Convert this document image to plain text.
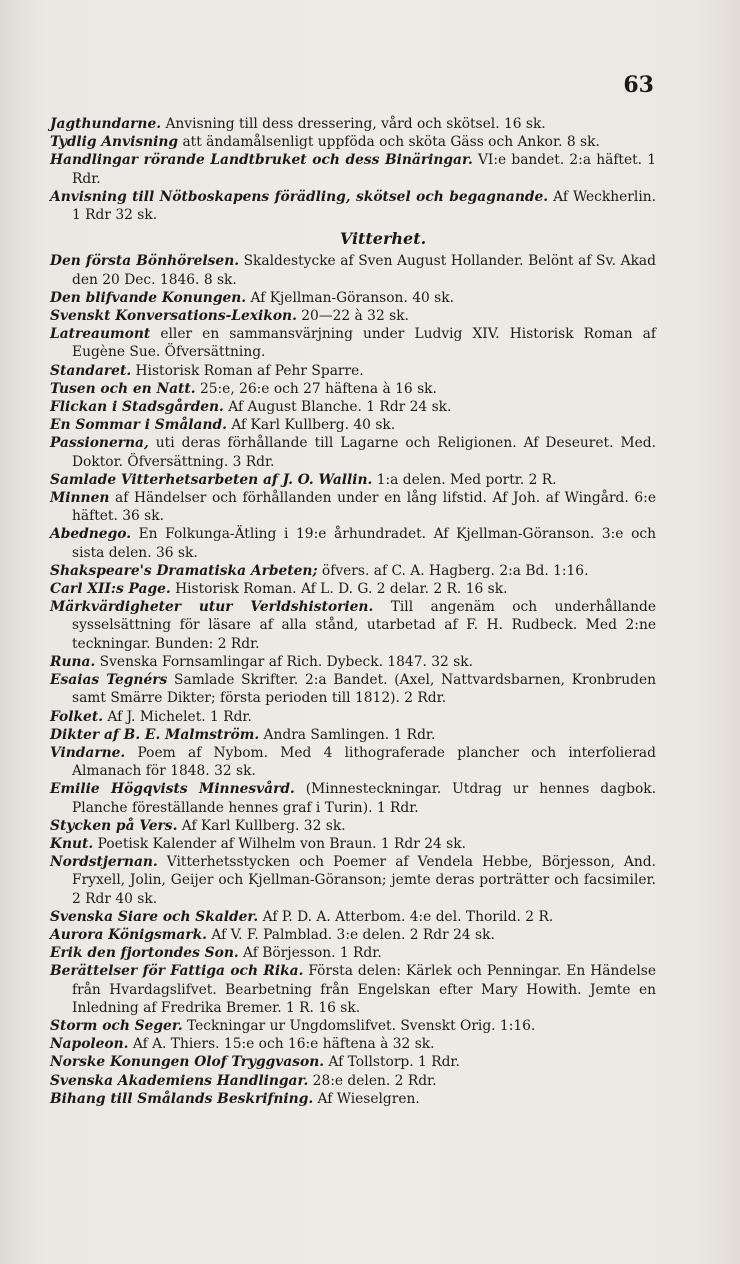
63

Jagthundarne. Anvisning till dess dressering, vård och skötsel. 16 sk.

Tydlig Anvisning att ändamålsenligt uppföda och sköta Gäss och Ankor. 8 sk.

Handlingar rörande Landtbruket och dess Binäringar. VI:e bandet. 2:a häftet. 1 Rdr.

Anvisning till Nötboskapens förädling, skötsel och begagnande. Af Weckherlin. 1 Rdr 32 sk.

Vitterhet.

Den första Bönhörelsen. Skaldestycke af Sven August Hollander. Belönt af Sv. Akad den 20 Dec. 1846. 8 sk.

Den blifvande Konungen. Af Kjellman-Göranson. 40 sk.

Svenskt Konversations-Lexikon. 20—22 à 32 sk.

Latreaumont eller en sammansvärjning under Ludvig XIV. Historisk Roman af Eugène Sue. Öfversättning.

Standaret. Historisk Roman af Pehr Sparre.

Tusen och en Natt. 25:e, 26:e och 27 häftena à 16 sk.

Flickan i Stadsgården. Af August Blanche. 1 Rdr 24 sk.

En Sommar i Småland. Af Karl Kullberg. 40 sk.

Passionerna, uti deras förhållande till Lagarne och Religionen. Af Deseuret. Med. Doktor. Öfversättning. 3 Rdr.

Samlade Vitterhetsarbeten af J. O. Wallin. 1:a delen. Med portr. 2 R.

Minnen af Händelser och förhållanden under en lång lifstid. Af Joh. af Wingård. 6:e häftet. 36 sk.

Abednego. En Folkunga-Ätling i 19:e århundradet. Af Kjellman-Göranson. 3:e och sista delen. 36 sk.

Shakspeare's Dramatiska Arbeten; öfvers. af C. A. Hagberg. 2:a Bd. 1:16.

Carl XII:s Page. Historisk Roman. Af L. D. G. 2 delar. 2 R. 16 sk.

Märkvärdigheter utur Verldshistorien. Till angenäm och underhållande sysselsättning för läsare af alla stånd, utarbetad af F. H. Rudbeck. Med 2:ne teckningar. Bunden: 2 Rdr.

Runa. Svenska Fornsamlingar af Rich. Dybeck. 1847. 32 sk.

Esaias Tegnérs Samlade Skrifter. 2:a Bandet. (Axel, Nattvardsbarnen, Kronbruden samt Smärre Dikter; första perioden till 1812). 2 Rdr.

Folket. Af J. Michelet. 1 Rdr.

Dikter af B. E. Malmström. Andra Samlingen. 1 Rdr.

Vindarne. Poem af Nybom. Med 4 lithograferade plancher och interfolierad Almanach för 1848. 32 sk.

Emilie Högqvists Minnesvård. (Minnesteckningar. Utdrag ur hennes dagbok. Planche föreställande hennes graf i Turin). 1 Rdr.

Stycken på Vers. Af Karl Kullberg. 32 sk.

Knut. Poetisk Kalender af Wilhelm von Braun. 1 Rdr 24 sk.

Nordstjernan. Vitterhetsstycken och Poemer af Vendela Hebbe, Börjesson, And. Fryxell, Jolin, Geijer och Kjellman-Göranson; jemte deras porträtter och facsimiler. 2 Rdr 40 sk.

Svenska Siare och Skalder. Af P. D. A. Atterbom. 4:e del. Thorild. 2 R.

Aurora Königsmark. Af V. F. Palmblad. 3:e delen. 2 Rdr 24 sk.

Erik den fjortondes Son. Af Börjesson. 1 Rdr.

Berättelser för Fattiga och Rika. Första delen: Kärlek och Penningar. En Händelse från Hvardagslifvet. Bearbetning från Engelskan efter Mary Howith. Jemte en Inledning af Fredrika Bremer. 1 R. 16 sk.

Storm och Seger. Teckningar ur Ungdomslifvet. Svenskt Orig. 1:16.

Napoleon. Af A. Thiers. 15:e och 16:e häftena à 32 sk.

Norske Konungen Olof Tryggvason. Af Tollstorp. 1 Rdr.

Svenska Akademiens Handlingar. 28:e delen. 2 Rdr.

Bihang till Smålands Beskrifning. Af Wieselgren.
